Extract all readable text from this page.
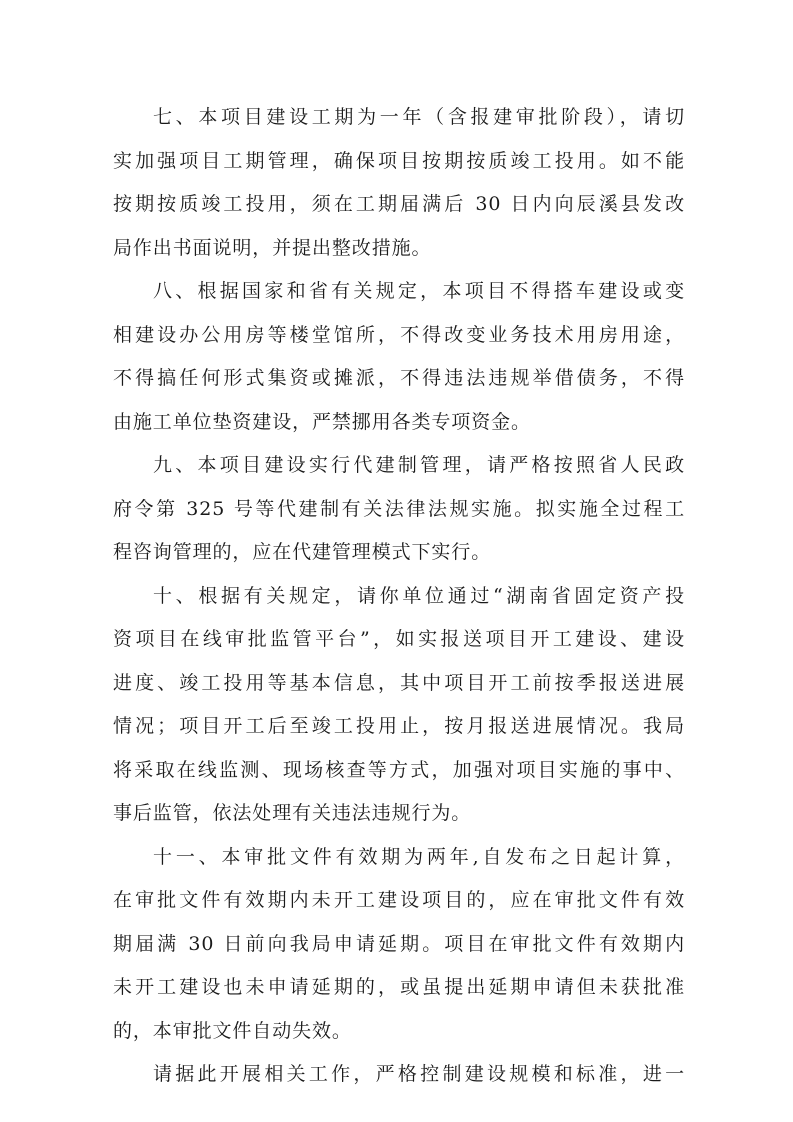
七、本项目建设工期为一年（含报建审批阶段），请切
实加强项目工期管理，确保项目按期按质竣工投用。如不能
按期按质竣工投用，须在工期届满后 30 日内向辰溪县发改
局作出书面说明，并提出整改措施。

八、根据国家和省有关规定，本项目不得搭车建设或变
相建设办公用房等楼堂馆所，不得改变业务技术用房用途，
不得搞任何形式集资或摊派，不得违法违规举借债务，不得
由施工单位垫资建设，严禁挪用各类专项资金。

九、本项目建设实行代建制管理，请严格按照省人民政
府令第 325 号等代建制有关法律法规实施。拟实施全过程工
程咨询管理的，应在代建管理模式下实行。

十、根据有关规定，请你单位通过“湖南省固定资产投
资项目在线审批监管平台”，如实报送项目开工建设、建设
进度、竣工投用等基本信息，其中项目开工前按季报送进展
情况；项目开工后至竣工投用止，按月报送进展情况。我局
将采取在线监测、现场核查等方式，加强对项目实施的事中、
事后监管，依法处理有关违法违规行为。

十一、本审批文件有效期为两年,自发布之日起计算，
在审批文件有效期内未开工建设项目的，应在审批文件有效
期届满 30 日前向我局申请延期。项目在审批文件有效期内
未开工建设也未申请延期的，或虽提出延期申请但未获批准
的，本审批文件自动失效。

请据此开展相关工作，严格控制建设规模和标准，进一
